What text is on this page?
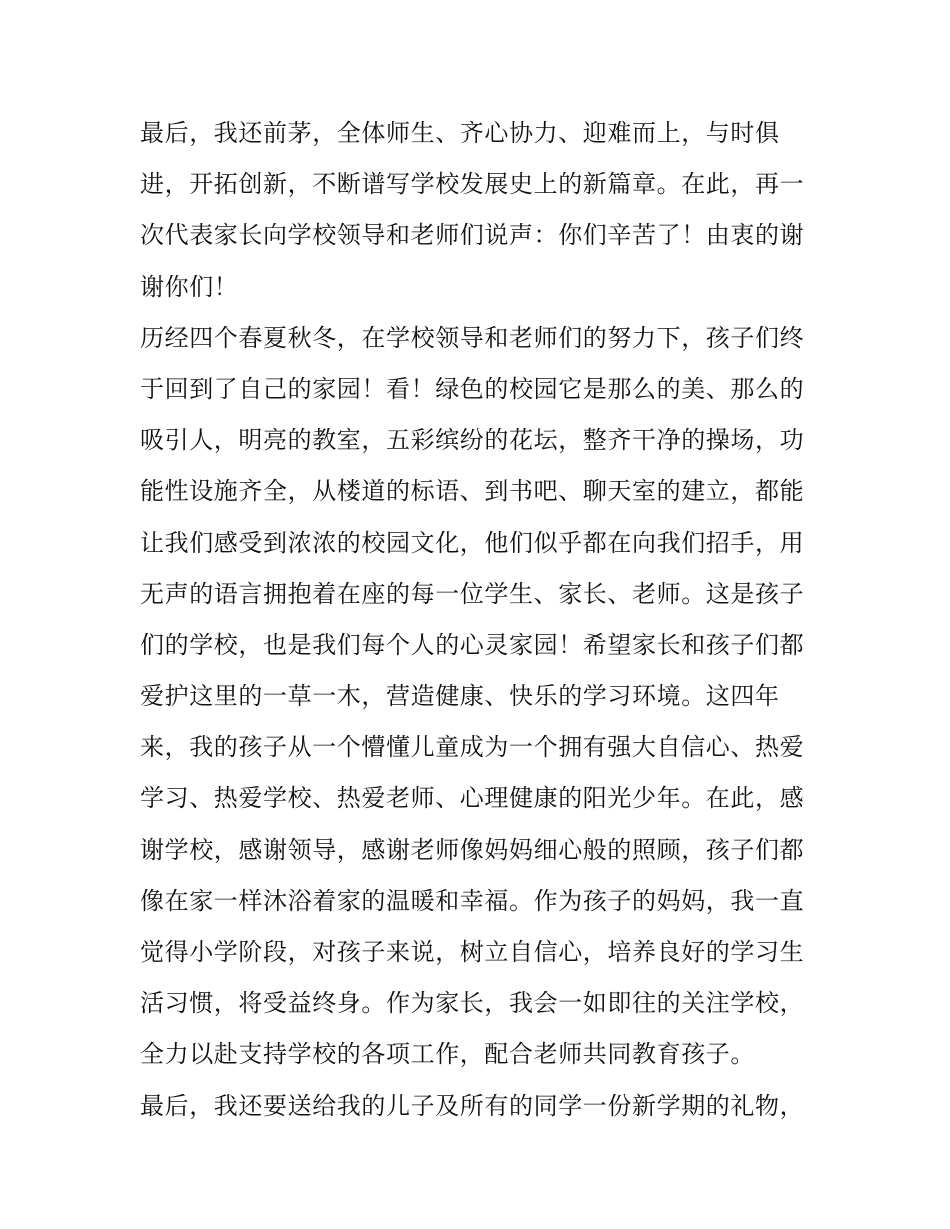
最后，我还前茅，全体师生、齐心协力、迎难而上，与时俱
进，开拓创新，不断谱写学校发展史上的新篇章。在此，再一
次代表家长向学校领导和老师们说声：你们辛苦了！由衷的谢
谢你们！
历经四个春夏秋冬，在学校领导和老师们的努力下，孩子们终
于回到了自己的家园！看！绿色的校园它是那么的美、那么的
吸引人，明亮的教室，五彩缤纷的花坛，整齐干净的操场，功
能性设施齐全，从楼道的标语、到书吧、聊天室的建立，都能
让我们感受到浓浓的校园文化，他们似乎都在向我们招手，用
无声的语言拥抱着在座的每一位学生、家长、老师。这是孩子
们的学校，也是我们每个人的心灵家园！希望家长和孩子们都
爱护这里的一草一木，营造健康、快乐的学习环境。这四年
来，我的孩子从一个懵懂儿童成为一个拥有强大自信心、热爱
学习、热爱学校、热爱老师、心理健康的阳光少年。在此，感
谢学校，感谢领导，感谢老师像妈妈细心般的照顾，孩子们都
像在家一样沐浴着家的温暖和幸福。作为孩子的妈妈，我一直
觉得小学阶段，对孩子来说，树立自信心，培养良好的学习生
活习惯，将受益终身。作为家长，我会一如即往的关注学校，
全力以赴支持学校的各项工作，配合老师共同教育孩子。
最后，我还要送给我的儿子及所有的同学一份新学期的礼物，
